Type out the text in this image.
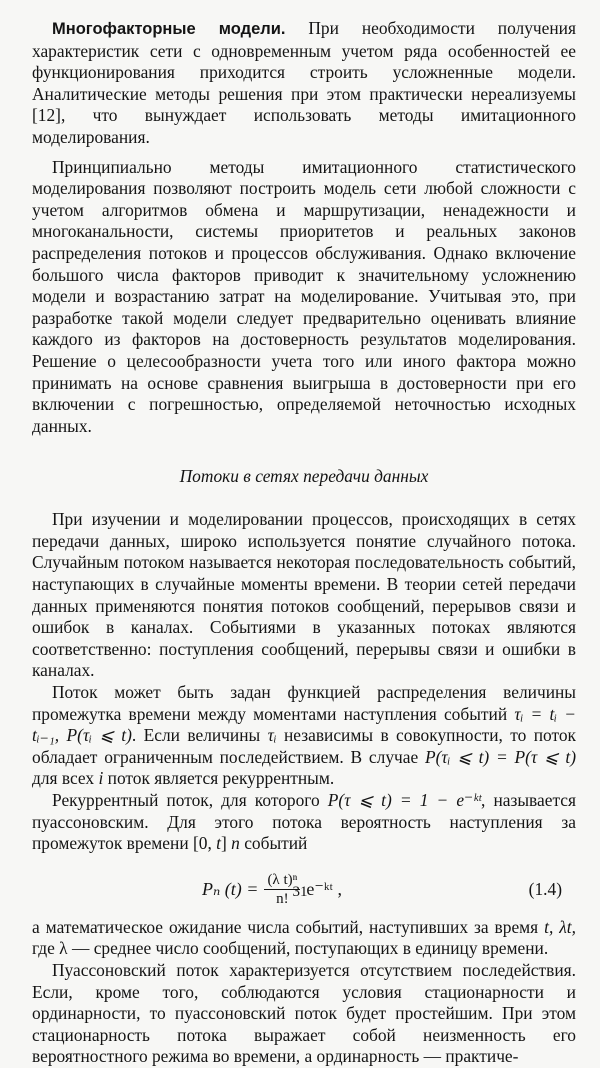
Многофакторные модели. При необходимости получения характеристик сети с одновременным учетом ряда особенностей ее функционирования приходится строить усложненные модели. Аналитические методы решения при этом практически нереализуемы [12], что вынуждает использовать методы имитационного моделирования.

Принципиально методы имитационного статистического моделирования позволяют построить модель сети любой сложности с учетом алгоритмов обмена и маршрутизации, ненадежности и многоканальности, системы приоритетов и реальных законов распределения потоков и процессов обслуживания. Однако включение большого числа факторов приводит к значительному усложнению модели и возрастанию затрат на моделирование. Учитывая это, при разработке такой модели следует предварительно оценивать влияние каждого из факторов на достоверность результатов моделирования. Решение о целесообразности учета того или иного фактора можно принимать на основе сравнения выигрыша в достоверности при его включении с погрешностью, определяемой неточностью исходных данных.

Потоки в сетях передачи данных

При изучении и моделировании процессов, происходящих в сетях передачи данных, широко используется понятие случайного потока. Случайным потоком называется некоторая последовательность событий, наступающих в случайные моменты времени. В теории сетей передачи данных применяются понятия потоков сообщений, перерывов связи и ошибок в каналах. Событиями в указанных потоках являются соответственно: поступления сообщений, перерывы связи и ошибки в каналах.

Поток может быть задан функцией распределения величины промежутка времени между моментами наступления событий τᵢ = tᵢ − tᵢ₋₁, P(τᵢ ⩽ t). Если величины τᵢ независимы в совокупности, то поток обладает ограниченным последействием. В случае P(τᵢ ⩽ t) = P(τ ⩽ t) для всех i поток является рекуррентным.

Рекуррентный поток, для которого P(τ ⩽ t) = 1 − e⁻ᵏᵗ, называется пуассоновским. Для этого потока вероятность наступления за промежуток времени [0, t] n событий

Pₙ $(t) = \frac{\text{(λ t)ⁿ}}{n!}$ e⁻ᵏᵗ ,	(1.4)

а математическое ожидание числа событий, наступивших за время t, λt, где λ — среднее число сообщений, поступающих в единицу времени.

Пуассоновский поток характеризуется отсутствием последействия. Если, кроме того, соблюдаются условия стационарности и ординарности, то пуассоновский поток будет простейшим. При этом стационарность потока выражает собой неизменность его вероятностного режима во времени, а ординарность — практиче-

31
